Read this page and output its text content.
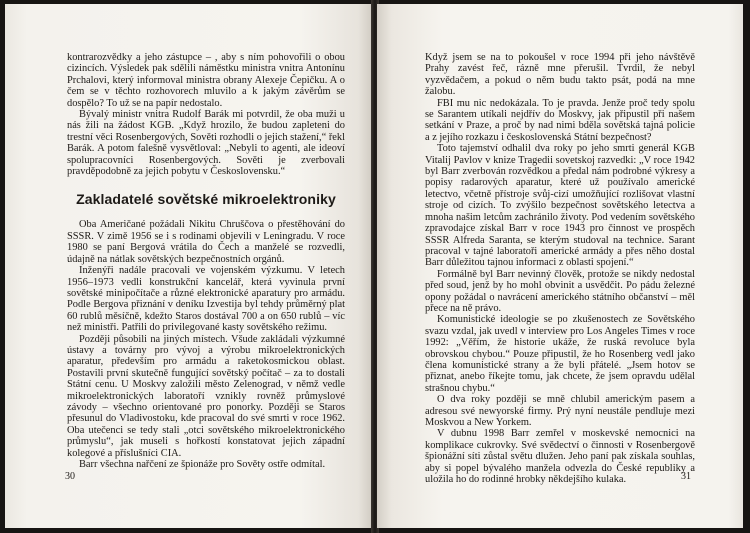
kontrarozvědky a jeho zástupce – , aby s ním pohovořili o obou cizincích. Výsledek pak sdělili náměstku ministra vnitra Antonínu Prchalovi, který informoval ministra obrany Alexeje Čepičku. A o čem se v těchto rozhovorech mluvilo a k jakým závěrům se dospělo? To už se na papír nedostalo.

Bývalý ministr vnitra Rudolf Barák mi potvrdil, že oba muži u nás žili na žádost KGB. „Když hrozilo, že budou zapleteni do trestní věci Rosenbergových, Sověti rozhodli o jejich stažení,“ řekl Barák. A potom falešně vysvětloval: „Nebyli to agenti, ale ideoví spolupracovníci Rosenbergových. Sověti je zverbovali pravděpodobně za jejich pobytu v Československu.“

Zakladatelé sovětské mikroelektroniky

Oba Američané požádali Nikitu Chruščova o přestěhování do SSSR. V zimě 1956 se i s rodinami objevili v Leningradu. V roce 1980 se paní Bergová vrátila do Čech a manželé se rozvedli, údajně na nátlak sovětských bezpečnostních orgánů.

Inženýři nadále pracovali ve vojenském výzkumu. V letech 1956–1973 vedli konstrukční kancelář, která vyvinula první sovětské minipočítače a různé elektronické aparatury pro armádu. Podle Bergova přiznání v deníku Izvestija byl tehdy průměrný plat 60 rublů měsíčně, kdežto Staros dostával 700 a on 650 rublů – víc než ministři. Patřili do privilegované kasty sovětského režimu.

Později působili na jiných místech. Všude zakládali výzkumné ústavy a továrny pro vývoj a výrobu mikroelektronických aparatur, především pro armádu a raketokosmickou oblast. Postavili první skutečně fungující sovětský počítač – za to dostali Státní cenu. U Moskvy založili město Zelenograd, v němž vedle mikroelektronických laboratoří vznikly rovněž průmyslové závody – všechno orientované pro ponorky. Později se Staros přesunul do Vladivostoku, kde pracoval do své smrti v roce 1962. Oba utečenci se tedy stali „otci sovětského mikroelektronického průmyslu“, jak museli s hořkostí konstatovat jejich západní kolegové a příslušníci CIA.

Barr všechna nařčení ze špionáže pro Sověty ostře odmítal.

30

Když jsem se na to pokoušel v roce 1994 při jeho návštěvě Prahy zavést řeč, rázně mne přerušil. Tvrdil, že nebyl vyzvědačem, a pokud o něm budu takto psát, podá na mne žalobu.

FBI mu nic nedokázala. To je pravda. Jenže proč tedy spolu se Sarantem utíkali nejdřív do Moskvy, jak připustil při našem setkání v Praze, a proč by nad nimi bděla sovětská tajná policie a z jejího rozkazu i československá Státní bezpečnost?

Toto tajemství odhalil dva roky po jeho smrti generál KGB Vitalij Pavlov v knize Tragedii sovetskoj razvedki: „V roce 1942 byl Barr zverbován rozvědkou a předal nám podrobné výkresy a popisy radarových aparatur, které už používalo americké letectvo, včetně přístroje svůj-cizí umožňující rozlišovat vlastní stroje od cizích. To zvýšilo bezpečnost sovětského letectva a mnoha našim letcům zachránilo životy. Pod vedením sovětského zpravodajce získal Barr v roce 1943 pro činnost ve prospěch SSSR Alfreda Saranta, se kterým studoval na technice. Sarant pracoval v tajné laboratoři americké armády a přes něho dostal Barr důležitou tajnou informaci z oblasti spojení.“

Formálně byl Barr nevinný člověk, protože se nikdy nedostal před soud, jenž by ho mohl obvinit a usvědčit. Po pádu železné opony požádal o navrácení amerického státního občanství – měl přece na ně právo.

Komunistické ideologie se po zkušenostech ze Sovětského svazu vzdal, jak uvedl v interview pro Los Angeles Times v roce 1992: „Věřím, že historie ukáže, že ruská revoluce byla obrovskou chybou.“ Pouze připustil, že ho Rosenberg vedl jako člena komunistické strany a že byli přátelé. „Jsem hotov se přiznat, anebo říkejte tomu, jak chcete, že jsem opravdu udělal strašnou chybu.“

O dva roky později se mně chlubil americkým pasem a adresou své newyorské firmy. Prý nyní neustále pendluje mezi Moskvou a New Yorkem.

V dubnu 1998 Barr zemřel v moskevské nemocnici na komplikace cukrovky. Své svědectví o činnosti v Rosenbergově špionážní síti zůstal světu dlužen. Jeho paní pak získala souhlas, aby si popel bývalého manžela odvezla do České republiky a uložila ho do rodinné hrobky někdejšího kulaka.	31
